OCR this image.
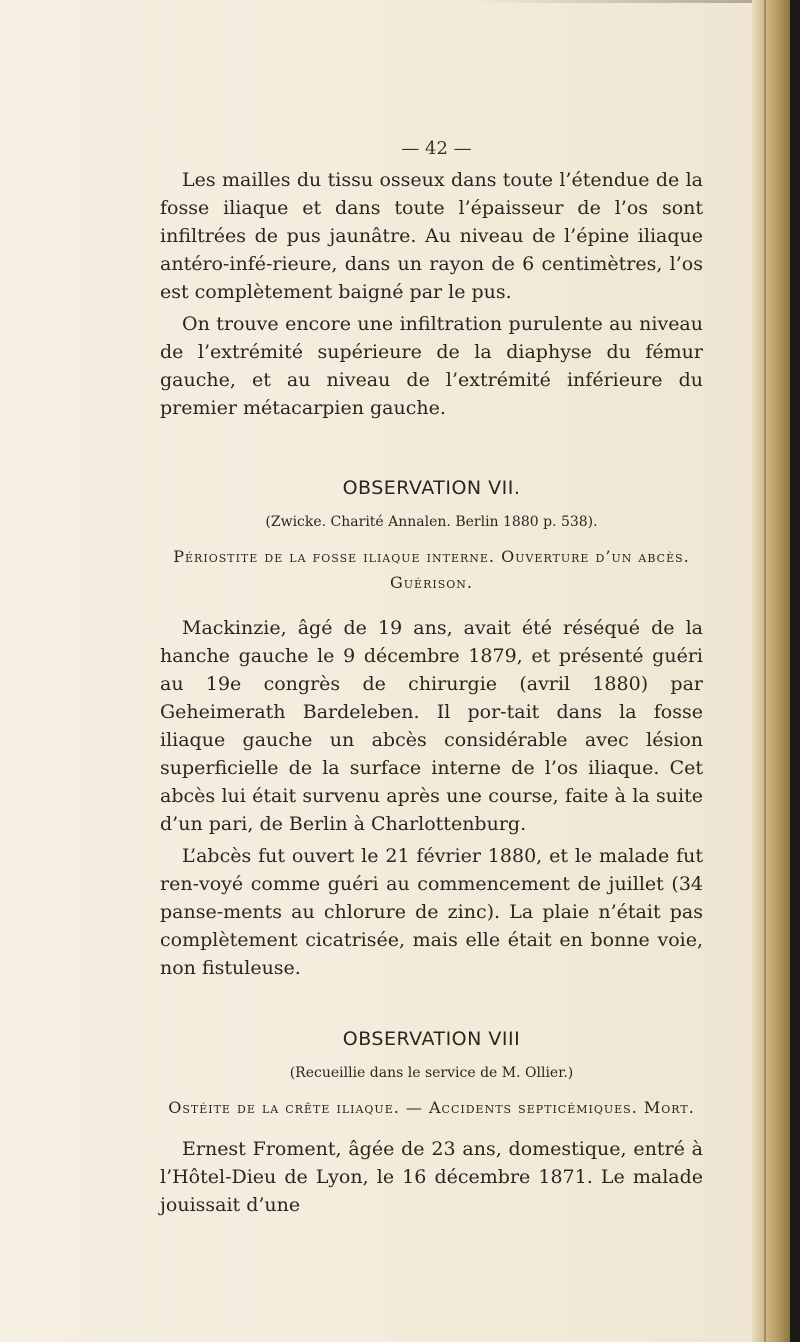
— 42 —

Les mailles du tissu osseux dans toute l’étendue de la fosse iliaque et dans toute l’épaisseur de l’os sont infiltrées de pus jaunâtre. Au niveau de l’épine iliaque antéro-infé-rieure, dans un rayon de 6 centimètres, l’os est complètement baigné par le pus.

On trouve encore une infiltration purulente au niveau de l’extrémité supérieure de la diaphyse du fémur gauche, et au niveau de l’extrémité inférieure du premier métacarpien gauche.

OBSERVATION VII.
(Zwicke. Charité Annalen. Berlin 1880 p. 538).
Périostite de la fosse iliaque interne. Ouverture d’un abcès. Guérison.

Mackinzie, âgé de 19 ans, avait été réséqué de la hanche gauche le 9 décembre 1879, et présenté guéri au 19e congrès de chirurgie (avril 1880) par Geheimerath Bardeleben. Il por-tait dans la fosse iliaque gauche un abcès considérable avec lésion superficielle de la surface interne de l’os iliaque. Cet abcès lui était survenu après une course, faite à la suite d’un pari, de Berlin à Charlottenburg.

L’abcès fut ouvert le 21 février 1880, et le malade fut ren-voyé comme guéri au commencement de juillet (34 panse-ments au chlorure de zinc). La plaie n’était pas complètement cicatrisée, mais elle était en bonne voie, non fistuleuse.

OBSERVATION VIII
(Recueillie dans le service de M. Ollier.)
Ostéite de la crête iliaque. — Accidents septicémiques. Mort.

Ernest Froment, âgée de 23 ans, domestique, entré à l’Hôtel-Dieu de Lyon, le 16 décembre 1871. Le malade jouissait d’une
